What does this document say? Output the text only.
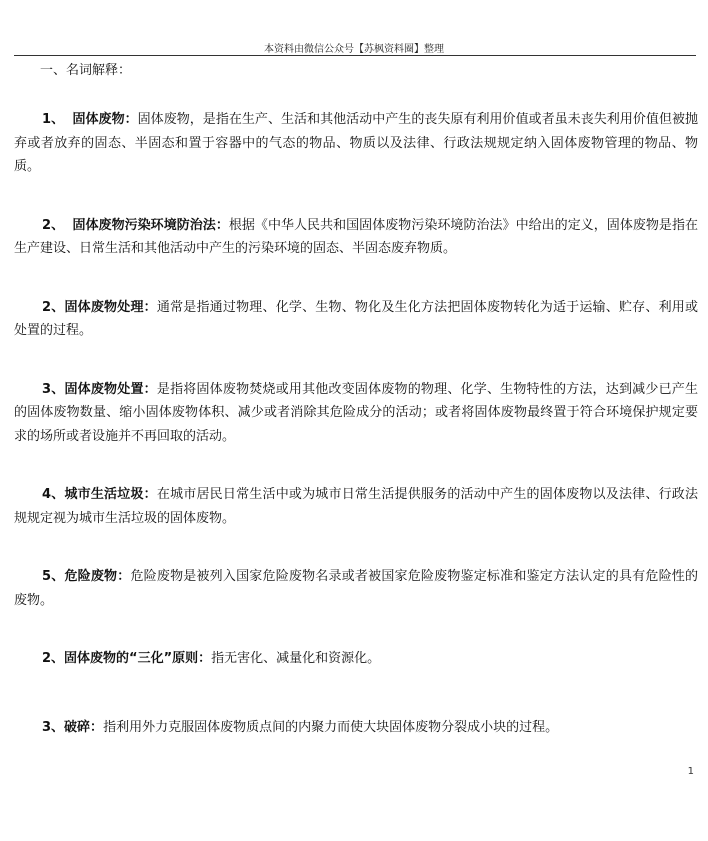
本资料由微信公众号【苏枫资料圈】整理
一、名词解释：

1、 固体废物：固体废物，是指在生产、生活和其他活动中产生的丧失原有利用价值或者虽未丧失利用价值但被抛弃或者放弃的固态、半固态和置于容器中的气态的物品、物质以及法律、行政法规规定纳入固体废物管理的物品、物质。

2、 固体废物污染环境防治法：根据《中华人民共和国固体废物污染环境防治法》中给出的定义，固体废物是指在生产建设、日常生活和其他活动中产生的污染环境的固态、半固态废弃物质。

2、固体废物处理：通常是指通过物理、化学、生物、物化及生化方法把固体废物转化为适于运输、贮存、利用或处置的过程。

3、固体废物处置：是指将固体废物焚烧或用其他改变固体废物的物理、化学、生物特性的方法，达到减少已产生的固体废物数量、缩小固体废物体积、减少或者消除其危险成分的活动；或者将固体废物最终置于符合环境保护规定要求的场所或者设施并不再回取的活动。

4、城市生活垃圾：在城市居民日常生活中或为城市日常生活提供服务的活动中产生的固体废物以及法律、行政法规规定视为城市生活垃圾的固体废物。

5、危险废物：危险废物是被列入国家危险废物名录或者被国家危险废物鉴定标准和鉴定方法认定的具有危险性的废物。

2、固体废物的“三化”原则：指无害化、减量化和资源化。

3、破碎：指利用外力克服固体废物质点间的内聚力而使大块固体废物分裂成小块的过程。

1
